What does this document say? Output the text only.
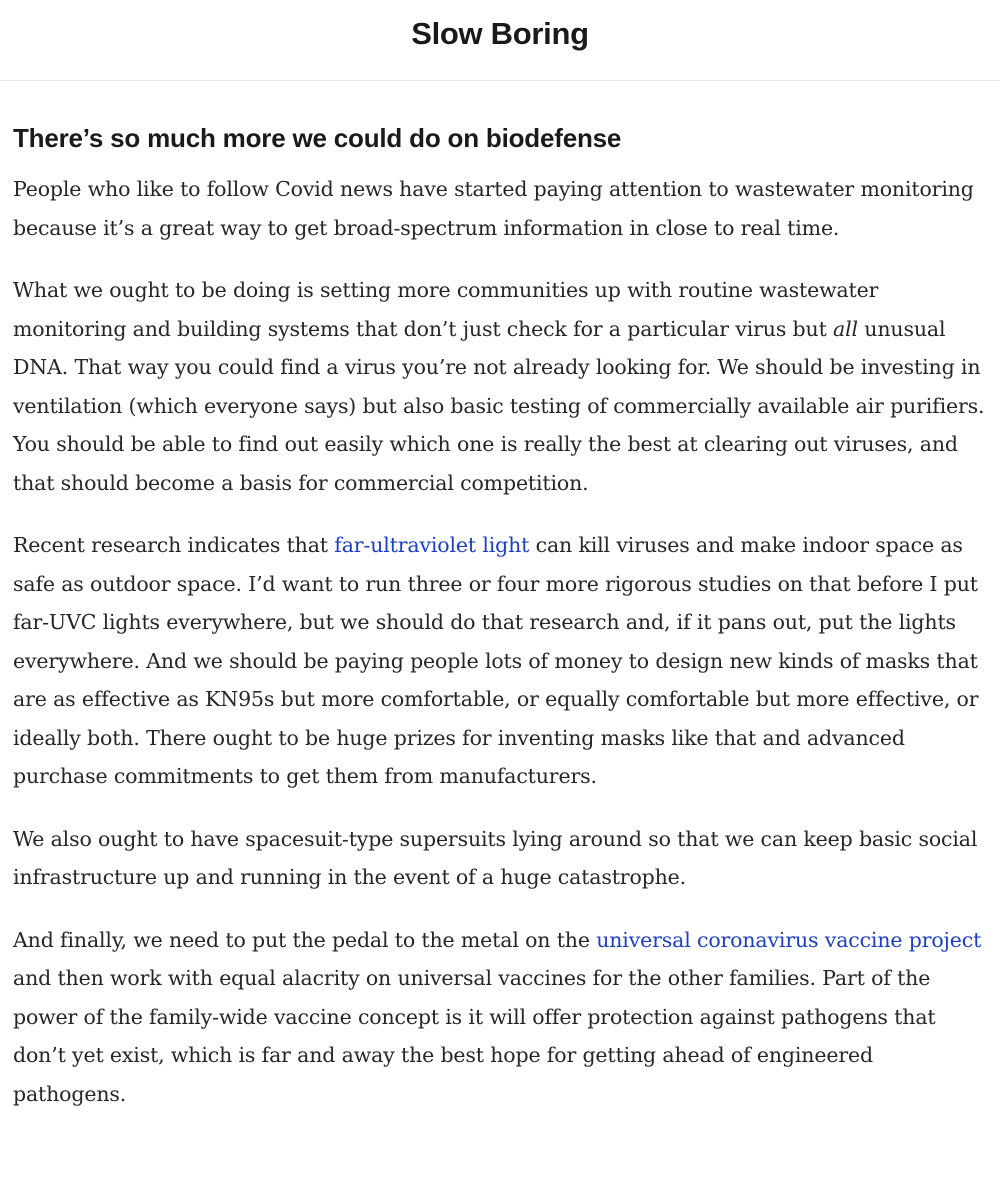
Slow Boring
There’s so much more we could do on biodefense

People who like to follow Covid news have started paying attention to wastewater monitoring because it’s a great way to get broad-spectrum information in close to real time.

What we ought to be doing is setting more communities up with routine wastewater monitoring and building systems that don’t just check for a particular virus but all unusual DNA. That way you could find a virus you’re not already looking for. We should be investing in ventilation (which everyone says) but also basic testing of commercially available air purifiers. You should be able to find out easily which one is really the best at clearing out viruses, and that should become a basis for commercial competition.

Recent research indicates that far-ultraviolet light can kill viruses and make indoor space as safe as outdoor space. I’d want to run three or four more rigorous studies on that before I put far-UVC lights everywhere, but we should do that research and, if it pans out, put the lights everywhere. And we should be paying people lots of money to design new kinds of masks that are as effective as KN95s but more comfortable, or equally comfortable but more effective, or ideally both. There ought to be huge prizes for inventing masks like that and advanced purchase commitments to get them from manufacturers.

We also ought to have spacesuit-type supersuits lying around so that we can keep basic social infrastructure up and running in the event of a huge catastrophe.

And finally, we need to put the pedal to the metal on the universal coronavirus vaccine project and then work with equal alacrity on universal vaccines for the other families. Part of the power of the family-wide vaccine concept is it will offer protection against pathogens that don’t yet exist, which is far and away the best hope for getting ahead of engineered pathogens.
